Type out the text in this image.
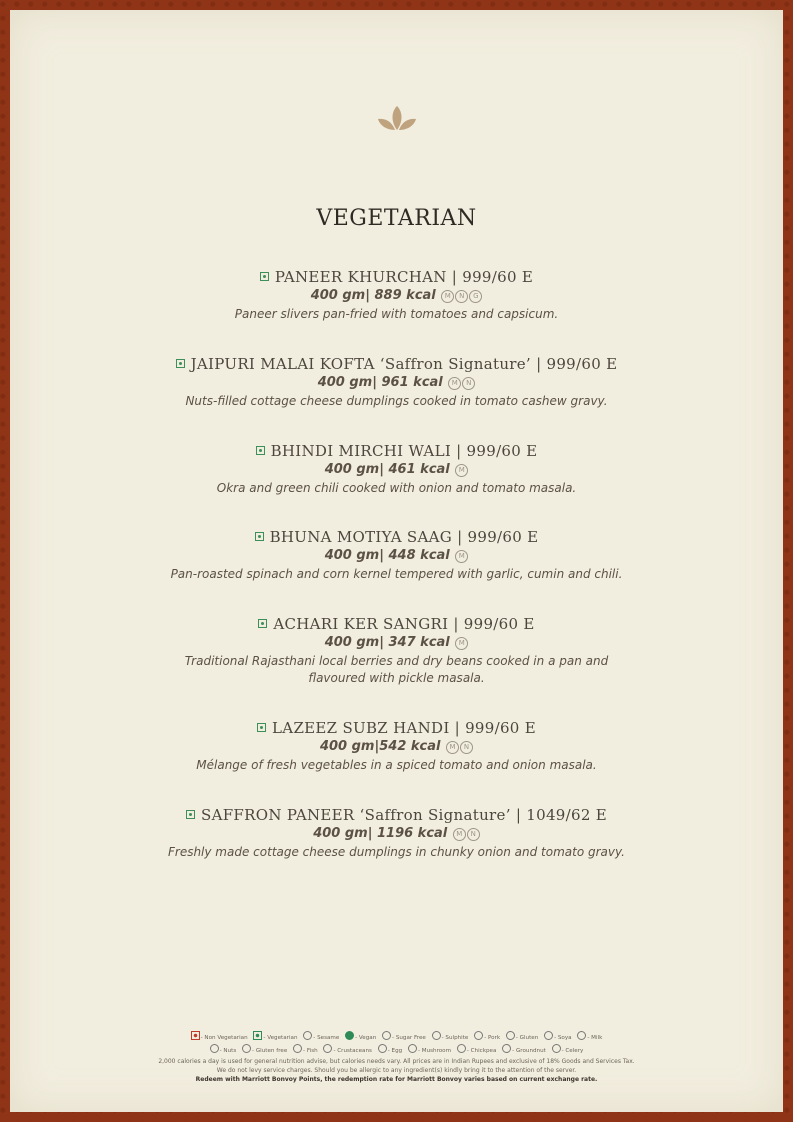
VEGETARIAN
PANEER KHURCHAN | 999/60 E
400 gm| 889 kcal M N G
Paneer slivers pan-fried with tomatoes and capsicum.
JAIPURI MALAI KOFTA ‘Saffron Signature’ | 999/60 E
400 gm| 961 kcal M N
Nuts-filled cottage cheese dumplings cooked in tomato cashew gravy.
BHINDI MIRCHI WALI | 999/60 E
400 gm| 461 kcal M
Okra and green chili cooked with onion and tomato masala.
BHUNA MOTIYA SAAG | 999/60 E
400 gm| 448 kcal M
Pan-roasted spinach and corn kernel tempered with garlic, cumin and chili.
ACHARI KER SANGRI | 999/60 E
400 gm| 347 kcal M
Traditional Rajasthani local berries and dry beans cooked in a pan and
flavoured with pickle masala.
LAZEEZ SUBZ HANDI | 999/60 E
400 gm|542 kcal M N
Mélange of fresh vegetables in a spiced tomato and onion masala.
SAFFRON PANEER ‘Saffron Signature’ | 1049/62 E
400 gm| 1196 kcal M N
Freshly made cottage cheese dumplings in chunky onion and tomato gravy.
- Non Vegetarian	- Vegetarian	- Sesame	- Vegan	- Sugar Free	- Sulphite	- Pork	- Gluten	- Soya	- Milk
- Nuts	- Gluten free	- Fish	- Crustaceans	- Egg	- Mushroom	- Chickpea	- Groundnut	- Celery
2,000 calories a day is used for general nutrition advise, but calories needs vary. All prices are in Indian Rupees and exclusive of 18% Goods and Services Tax.
We do not levy service charges. Should you be allergic to any ingredient(s) kindly bring it to the attention of the server.
Redeem with Marriott Bonvoy Points, the redemption rate for Marriott Bonvoy varies based on current exchange rate.
